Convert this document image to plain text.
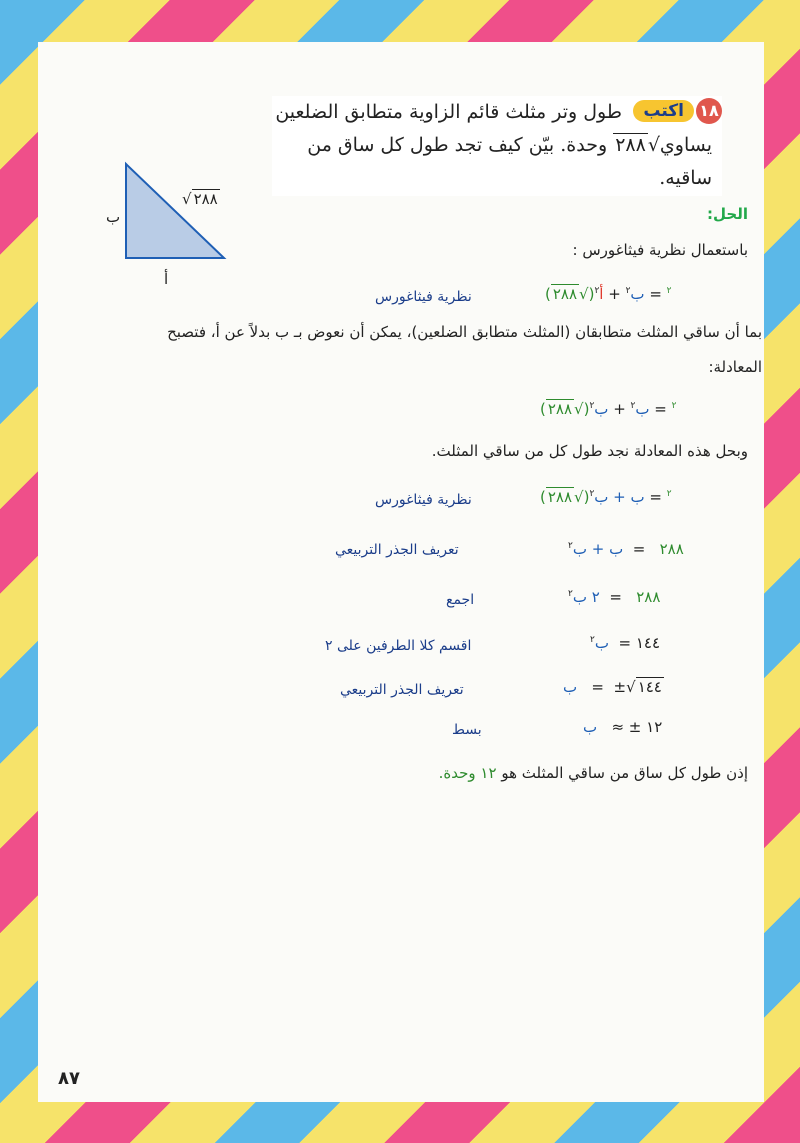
١٨
اكتب
طول وتر مثلث قائم الزاوية متطابق الضلعين
يساوي√٢٨٨ وحدة. بيّن كيف تجد طول كل ساق من
ساقيه.
٢٨٨√
ب
أ
الحل:
باستعمال نظرية فيثاغورس :
( ٢٨٨ √)	$^٢$ = ب$^٢$ + أ$^٢$
نظرية فيثاغورس
بما أن ساقي المثلث متطابقان (المثلث متطابق الضلعين)، يمكن أن نعوض بـ ب بدلاً عن أ، فتصبح
المعادلة:
( ٢٨٨ √)	$^٢$ = ب$^٢$ + ب$^٢$
وبحل هذه المعادلة نجد طول كل من ساقي المثلث.
( ٢٨٨ √)	$^٢$ = ب + ب$^٢$
نظرية فيثاغورس
٢٨٨   =  ب + ب$^٢$
تعريف الجذر التربيعي
٢٨٨   =  ٢ ب$^٢$
اجمع
١٤٤ =  ب$^٢$
اقسم كلا الطرفين على ٢
١٤٤√±  =   ب
تعريف الجذر التربيعي
١٢ ± ≈   ب
بسط
إذن طول كل ساق من ساقي المثلث هو ١٢ وحدة.
٨٧
